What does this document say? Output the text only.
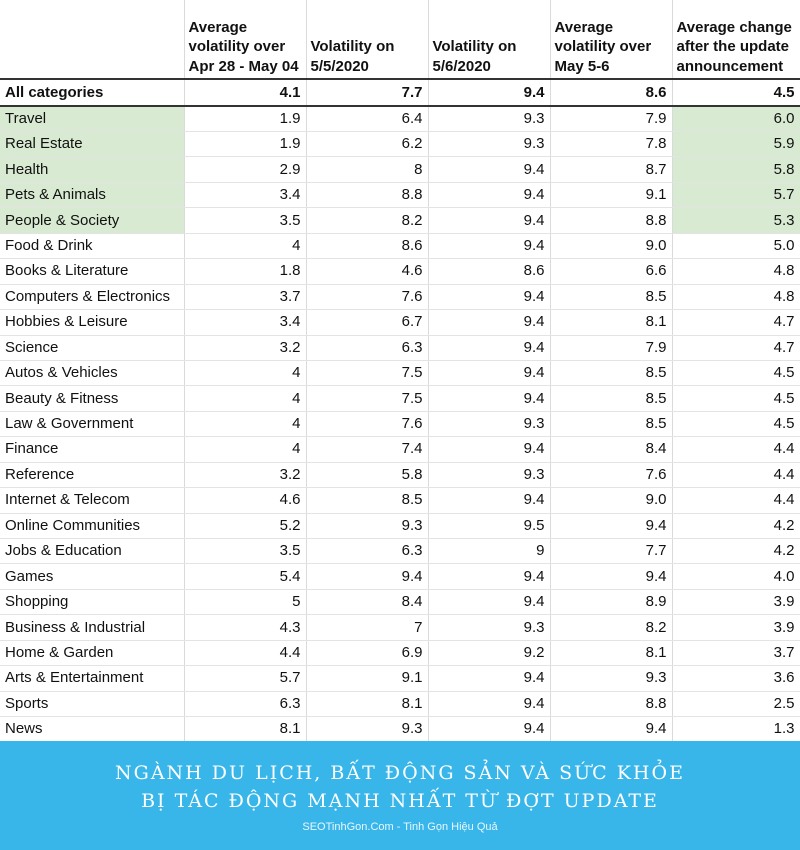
	Average volatility over Apr 28 - May 04	Volatility on 5/5/2020	Volatility on 5/6/2020	Average volatility over May 5-6	Average change after the update announcement
All categories	4.1	7.7	9.4	8.6	4.5
Travel	1.9	6.4	9.3	7.9	6.0
Real Estate	1.9	6.2	9.3	7.8	5.9
Health	2.9	8	9.4	8.7	5.8
Pets & Animals	3.4	8.8	9.4	9.1	5.7
People & Society	3.5	8.2	9.4	8.8	5.3
Food & Drink	4	8.6	9.4	9.0	5.0
Books & Literature	1.8	4.6	8.6	6.6	4.8
Computers & Electronics	3.7	7.6	9.4	8.5	4.8
Hobbies & Leisure	3.4	6.7	9.4	8.1	4.7
Science	3.2	6.3	9.4	7.9	4.7
Autos & Vehicles	4	7.5	9.4	8.5	4.5
Beauty & Fitness	4	7.5	9.4	8.5	4.5
Law & Government	4	7.6	9.3	8.5	4.5
Finance	4	7.4	9.4	8.4	4.4
Reference	3.2	5.8	9.3	7.6	4.4
Internet & Telecom	4.6	8.5	9.4	9.0	4.4
Online Communities	5.2	9.3	9.5	9.4	4.2
Jobs & Education	3.5	6.3	9	7.7	4.2
Games	5.4	9.4	9.4	9.4	4.0
Shopping	5	8.4	9.4	8.9	3.9
Business & Industrial	4.3	7	9.3	8.2	3.9
Home & Garden	4.4	6.9	9.2	8.1	3.7
Arts & Entertainment	5.7	9.1	9.4	9.3	3.6
Sports	6.3	8.1	9.4	8.8	2.5
News	8.1	9.3	9.4	9.4	1.3
NGÀNH DU LỊCH, BẤT ĐỘNG SẢN VÀ SỨC KHỎE
BỊ TÁC ĐỘNG MẠNH NHẤT TỪ ĐỢT UPDATE
SEOTinhGon.Com - Tinh Gọn Hiệu Quả
